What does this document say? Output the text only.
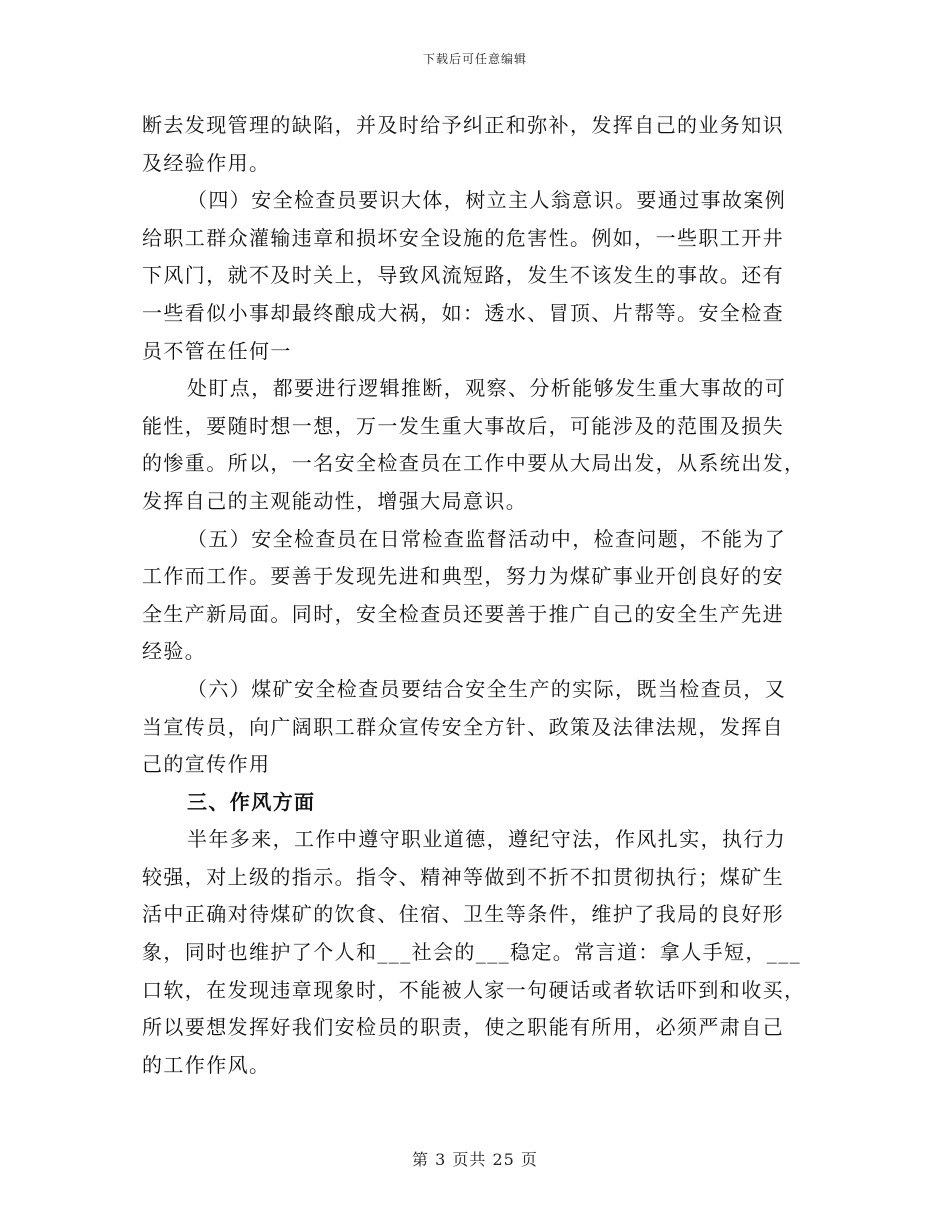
下载后可任意编辑
断去发现管理的缺陷，并及时给予纠正和弥补，发挥自己的业务知识
及经验作用。
（四）安全检查员要识大体，树立主人翁意识。要通过事故案例
给职工群众灌输违章和损坏安全设施的危害性。例如，一些职工开井
下风门，就不及时关上，导致风流短路，发生不该发生的事故。还有
一些看似小事却最终酿成大祸，如：透水、冒顶、片帮等。安全检查
员不管在任何一
处盯点，都要进行逻辑推断，观察、分析能够发生重大事故的可
能性，要随时想一想，万一发生重大事故后，可能涉及的范围及损失
的惨重。所以，一名安全检查员在工作中要从大局出发，从系统出发，
发挥自己的主观能动性，增强大局意识。
（五）安全检查员在日常检查监督活动中，检查问题，不能为了
工作而工作。要善于发现先进和典型，努力为煤矿事业开创良好的安
全生产新局面。同时，安全检查员还要善于推广自己的安全生产先进
经验。
（六）煤矿安全检查员要结合安全生产的实际，既当检查员，又
当宣传员，向广阔职工群众宣传安全方针、政策及法律法规，发挥自
己的宣传作用
三、作风方面
半年多来，工作中遵守职业道德，遵纪守法，作风扎实，执行力
较强，对上级的指示。指令、精神等做到不折不扣贯彻执行；煤矿生
活中正确对待煤矿的饮食、住宿、卫生等条件，维护了我局的良好形
象，同时也维护了个人和___社会的___稳定。常言道：拿人手短，___
口软，在发现违章现象时，不能被人家一句硬话或者软话吓到和收买，
所以要想发挥好我们安检员的职责，使之职能有所用，必须严肃自己
的工作作风。
第 3 页共 25 页
